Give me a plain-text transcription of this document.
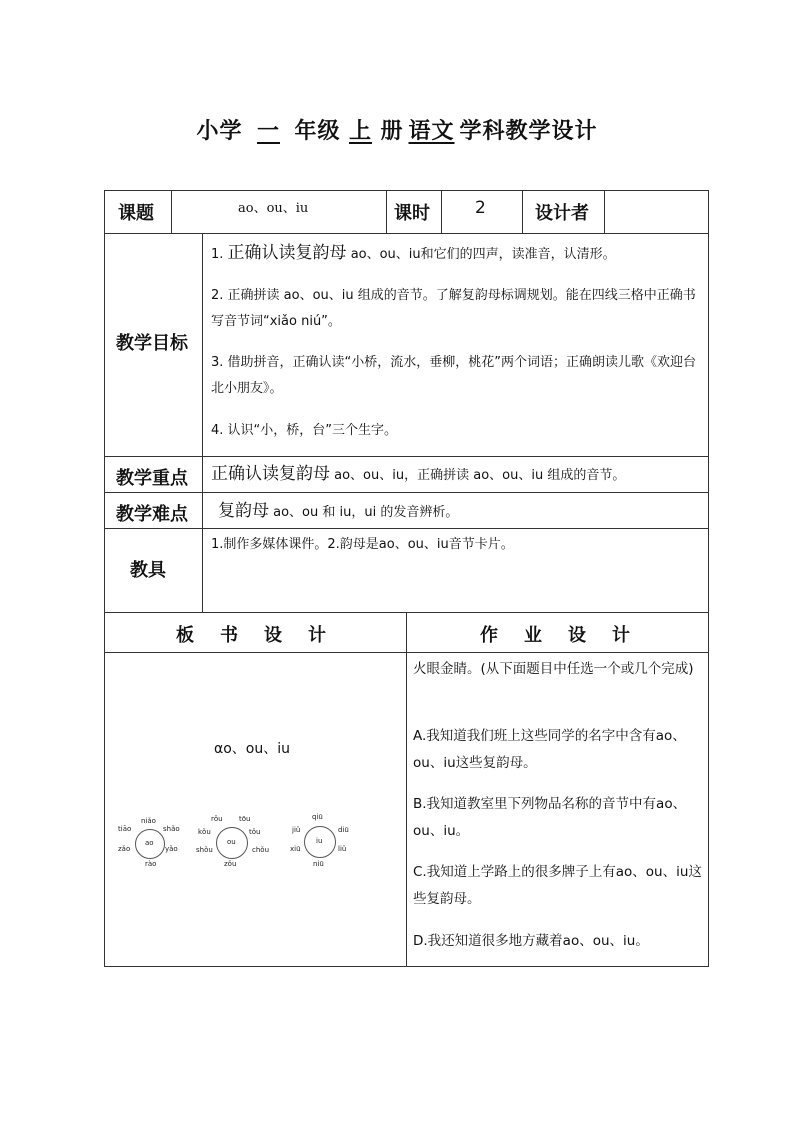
小学 一 年级 上 册 语文 学科教学设计
课题	ao、ou、iu	课时	2	设计者
教学目标
1. 正确认读复韵母 ao、ou、iu和它们的四声，读准音，认清形。
2. 正确拼读 ao、ou、iu 组成的音节。了解复韵母标调规划。能在四线三格中正确书写音节词“xiǎo niú”。
3. 借助拼音，正确认读“小桥，流水，垂柳，桃花”两个词语；正确朗读儿歌《欢迎台北小朋友》。
4. 认识“小，桥，台”三个生字。
教学重点 正确认读复韵母 ao、ou、iu，正确拼读 ao、ou、iu 组成的音节。
教学难点 复韵母 ao、ou 和 iu，ui 的发音辨析。
教具
1.制作多媒体课件。2.韵母是ao、ou、iu音节卡片。
板书设计	作业设计
αo、ou、iu
ao
niǎo
tiāo	shǎo
zǎo	yǎo
rào
ou
rǒu tōu
kǒu	tǒu
shǒu	chǒu
zǒu
iu
qiū
jiǔ	diū
xiū	liǔ
niū
火眼金睛。(从下面题目中任选一个或几个完成)
A.我知道我们班上这些同学的名字中含有ao、ou、iu这些复韵母。
B.我知道教室里下列物品名称的音节中有ao、ou、iu。
C.我知道上学路上的很多牌子上有ao、ou、iu这些复韵母。
D.我还知道很多地方藏着ao、ou、iu。
